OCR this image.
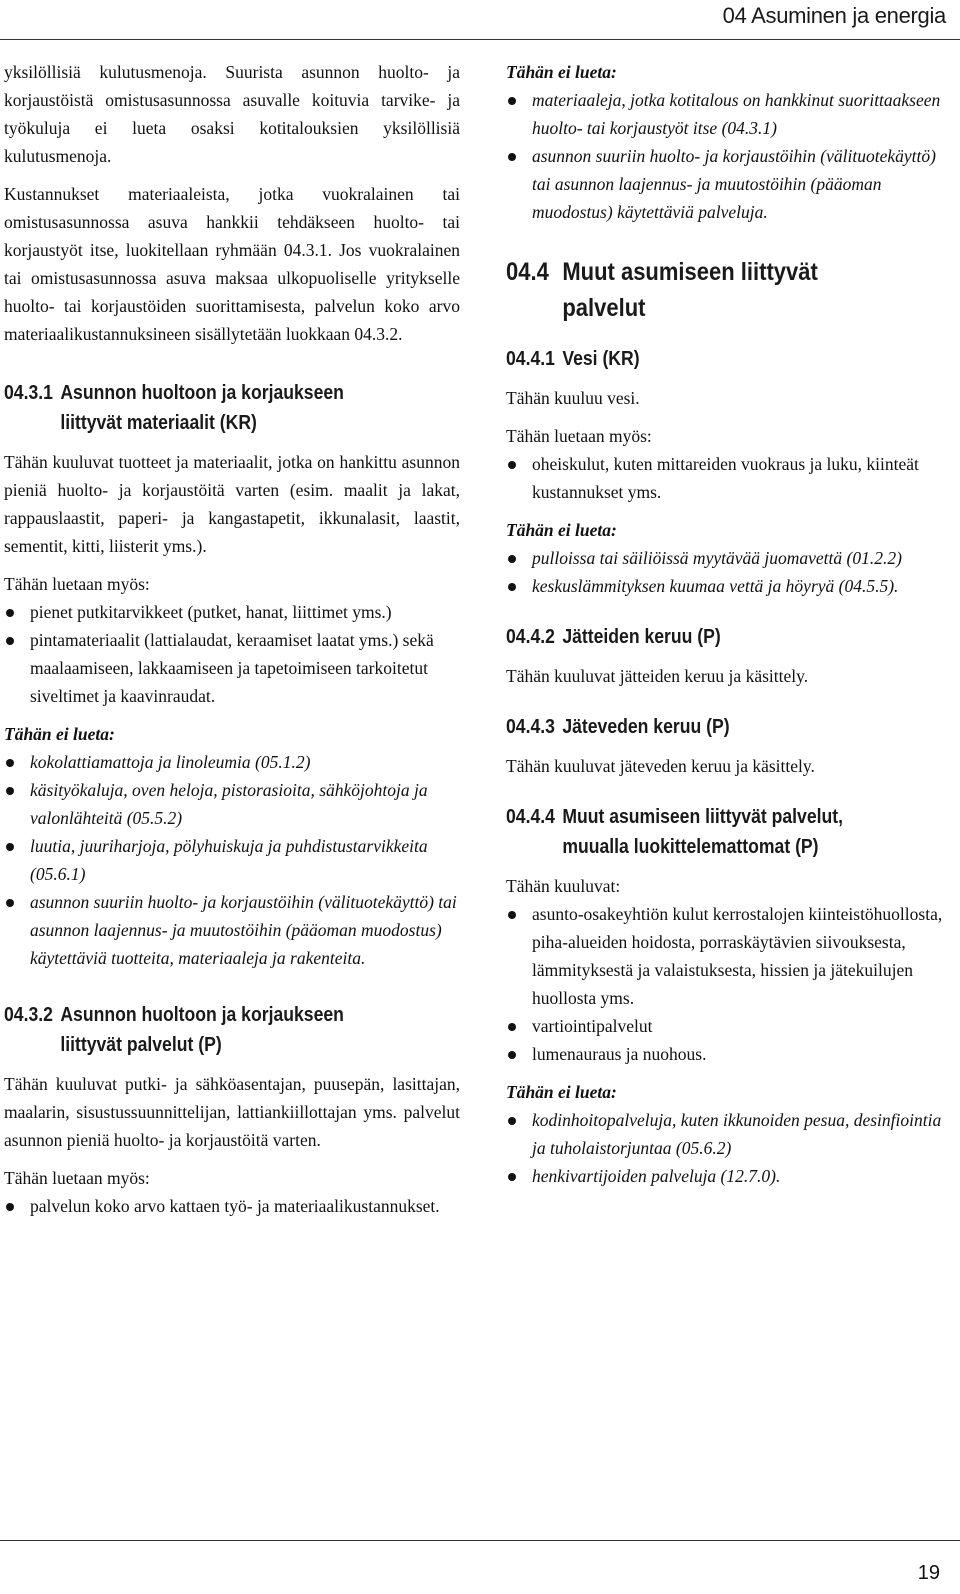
04 Asuminen ja energia

yksilöllisiä kulutusmenoja. Suurista asunnon huolto- ja korjaustöistä omistusasunnossa asuvalle koituvia tarvike- ja työkuluja ei lueta osaksi kotitalouksien yksilöllisiä kulutusmenoja.

Kustannukset materiaaleista, jotka vuokralainen tai omistusasunnossa asuva hankkii tehdäkseen huolto- tai korjaustyöt itse, luokitellaan ryhmään 04.3.1. Jos vuokralainen tai omistusasunnossa asuva maksaa ulkopuoliselle yritykselle huolto- tai korjaustöiden suorittamisesta, palvelun koko arvo materiaalikustannuksineen sisällytetään luokkaan 04.3.2.

04.3.1 Asunnon huoltoon ja korjaukseen
liittyvät materiaalit (KR)

Tähän kuuluvat tuotteet ja materiaalit, jotka on hankittu asunnon pieniä huolto- ja korjaustöitä varten (esim. maalit ja lakat, rappauslaastit, paperi- ja kangastapetit, ikkunalasit, laastit, sementit, kitti, liisterit yms.).

Tähän luetaan myös:

pienet putkitarvikkeet (putket, hanat, liittimet yms.)
pintamateriaalit (lattialaudat, keraamiset laatat yms.) sekä maalaamiseen, lakkaamiseen ja tapetoimiseen tarkoitetut siveltimet ja kaavinraudat.

Tähän ei lueta:

kokolattiamattoja ja linoleumia (05.1.2)
käsityökaluja, oven heloja, pistorasioita, sähköjohtoja ja valonlähteitä (05.5.2)
luutia, juuriharjoja, pölyhuiskuja ja puhdistustarvikkeita (05.6.1)
asunnon suuriin huolto- ja korjaustöihin (välituotekäyttö) tai asunnon laajennus- ja muutostöihin (pääoman muodostus) käytettäviä tuotteita, materiaaleja ja rakenteita.
04.3.2 Asunnon huoltoon ja korjaukseen
liittyvät palvelut (P)

Tähän kuuluvat putki- ja sähköasentajan, puusepän, lasittajan, maalarin, sisustussuunnittelijan, lattiankiillottajan yms. palvelut asunnon pieniä huolto- ja korjaustöitä varten.

Tähän luetaan myös:

palvelun koko arvo kattaen työ- ja materiaalikustannukset.

Tähän ei lueta:

materiaaleja, jotka kotitalous on hankkinut suorittaakseen huolto- tai korjaustyöt itse (04.3.1)
asunnon suuriin huolto- ja korjaustöihin (välituotekäyttö) tai asunnon laajennus- ja muutostöihin (pääoman muodostus) käytettäviä palveluja.
04.4 Muut asumiseen liittyvät
palvelut
04.4.1 Vesi (KR)

Tähän kuuluu vesi.

Tähän luetaan myös:

oheiskulut, kuten mittareiden vuokraus ja luku, kiinteät kustannukset yms.

Tähän ei lueta:

pulloissa tai säiliöissä myytävää juomavettä (01.2.2)
keskuslämmityksen kuumaa vettä ja höyryä (04.5.5).
04.4.2 Jätteiden keruu (P)

Tähän kuuluvat jätteiden keruu ja käsittely.

04.4.3 Jäteveden keruu (P)

Tähän kuuluvat jäteveden keruu ja käsittely.

04.4.4 Muut asumiseen liittyvät palvelut,
muualla luokittelemattomat (P)

Tähän kuuluvat:

asunto-osakeyhtiön kulut kerrostalojen kiinteistöhuollosta, piha-alueiden hoidosta, porraskäytävien siivouksesta, lämmityksestä ja valaistuksesta, hissien ja jätekuilujen huollosta yms.
vartiointipalvelut
lumenauraus ja nuohous.

Tähän ei lueta:

kodinhoitopalveluja, kuten ikkunoiden pesua, desinfiointia ja tuholaistorjuntaa (05.6.2)
henkivartijoiden palveluja (12.7.0).
19
